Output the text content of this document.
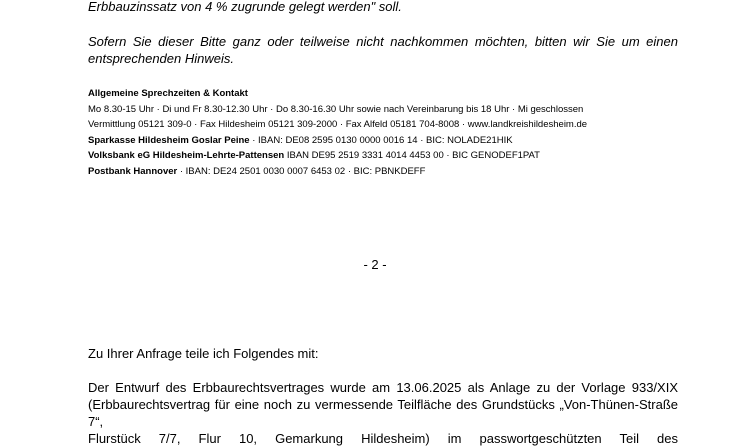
Erbbauzinssatz von 4 % zugrunde gelegt werden" soll.
Sofern Sie dieser Bitte ganz oder teilweise nicht nachkommen möchten, bitten wir Sie um einen entsprechenden Hinweis.
Allgemeine Sprechzeiten & Kontakt
Mo 8.30-15 Uhr · Di und Fr 8.30-12.30 Uhr · Do 8.30-16.30 Uhr sowie nach Vereinbarung bis 18 Uhr · Mi geschlossen
Vermittlung 05121 309-0 · Fax Hildesheim 05121 309-2000 · Fax Alfeld 05181 704-8008 · www.landkreishildesheim.de
Sparkasse Hildesheim Goslar Peine · IBAN: DE08 2595 0130 0000 0016 14 · BIC: NOLADE21HIK
Volksbank eG Hildesheim-Lehrte-Pattensen IBAN DE95 2519 3331 4014 4453 00 · BIC GENODEF1PAT
Postbank Hannover · IBAN: DE24 2501 0030 0007 6453 02 · BIC: PBNKDEFF
- 2 -
Zu Ihrer Anfrage teile ich Folgendes mit:
Der Entwurf des Erbbaurechtsvertrages wurde am 13.06.2025 als Anlage zu der Vorlage 933/XIX
(Erbbaurechtsvertrag für eine noch zu vermessende Teilfläche des Grundstücks „Von-Thünen-Straße 7“,
Flurstück 7/7, Flur 10, Gemarkung Hildesheim) im passwortgeschützten Teil des
